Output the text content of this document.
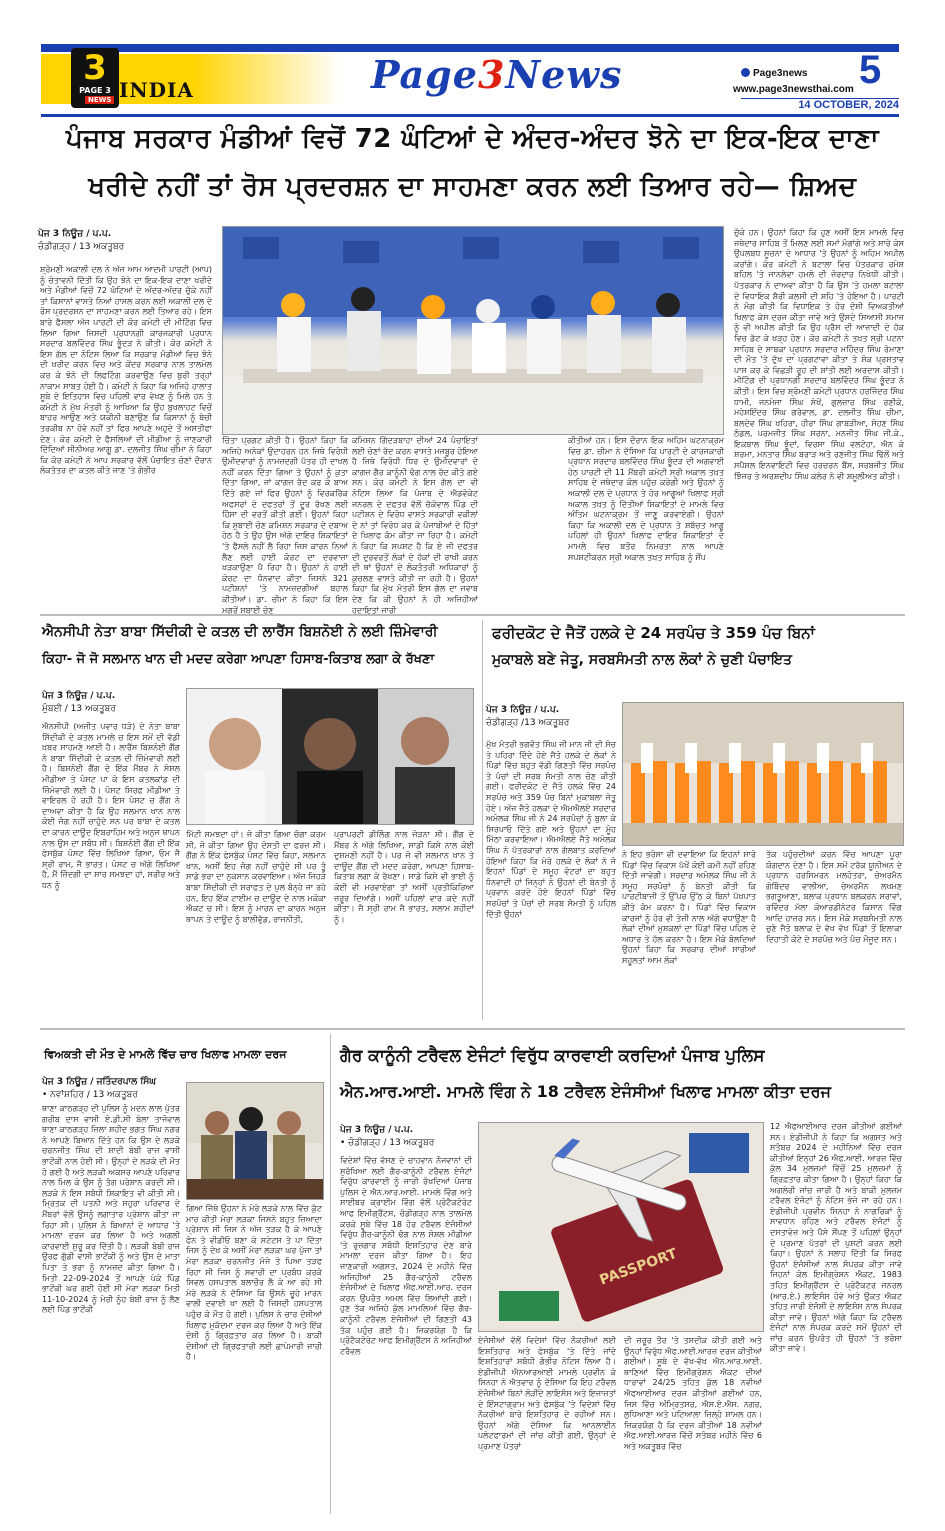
3
PAGE 3
NEWS INDIA	Page3News	Page3news
www.page3newsthai.com 5
14 OCTOBER, 2024
ਪੰਜਾਬ ਸਰਕਾਰ ਮੰਡੀਆਂ ਵਿਚੋਂ 72 ਘੰਟਿਆਂ ਦੇ ਅੰਦਰ-ਅੰਦਰ ਝੋਨੇ ਦਾ ਇਕ-ਇਕ ਦਾਣਾ
ਖਰੀਦੇ ਨਹੀਂ ਤਾਂ ਰੋਸ ਪ੍ਰਦਰਸ਼ਨ ਦਾ ਸਾਹਮਣਾ ਕਰਨ ਲਈ ਤਿਆਰ ਰਹੇ— ਸ਼ਿਅਦ
ਪੇਜ 3 ਨਿਊਜ਼ / ਪ.ਪ.
ਚੰਡੀਗੜ੍ਹ / 13 ਅਕਤੂਬਰ
ਸ਼੍ਰੋਮਣੀ ਅਕਾਲੀ ਦਲ ਨੇ ਅੱਜ ਆਮ ਆਦਮੀ ਪਾਰਟੀ (ਆਪ) ਨੂੰ ਚੇਤਾਵਨੀ ਦਿੱਤੀ ਕਿ ਉਹ ਝੋਨੇ ਦਾ ਇਕ-ਇਕ ਦਾਣਾ ਖਰੀਦੇ ਅਤੇ ਮੰਡੀਆਂ ਵਿਚੋਂ 72 ਘੰਟਿਆਂ ਦੇ ਅੰਦਰ-ਅੰਦਰ ਚੁੱਕੇ ਨਹੀਂ ਤਾਂ ਕਿਸਾਨਾਂ ਵਾਸਤੇ ਨਿਆਂ ਹਾਸਲ ਕਰਨ ਲਈ ਅਕਾਲੀ ਦਲ ਦੇ ਰੋਸ ਪ੍ਰਦਰਸ਼ਨ ਦਾ ਸਾਹਮਣਾ ਕਰਨ ਲਈ ਤਿਆਰ ਰਹੇ। ਇਸ ਬਾਰੇ ਫੈਸਲਾ ਅੱਜ ਪਾਰਟੀ ਦੀ ਕੋਰ ਕਮੇਟੀ ਦੀ ਮੀਟਿੰਗ ਵਿਚ ਲਿਆ ਗਿਆ ਜਿਸਦੀ ਪ੍ਰਧਾਨਗੀ ਕਾਰਜਕਾਰੀ ਪ੍ਰਧਾਨ ਸਰਦਾਰ ਬਲਵਿੰਦਰ ਸਿੰਘ ਭੂੰਦੜ ਨੇ ਕੀਤੀ। ਕੋਰ ਕਮੇਟੀ ਨੇ ਇਸ ਗੱਲ ਦਾ ਨੋਟਿਸ ਲਿਆ ਕਿ ਸਰਕਾਰ ਮੰਡੀਆਂ ਵਿਚ ਝੋਨੇ ਦੀ ਖਰੀਦ ਕਰਨ ਵਿਚ ਅਤੇ ਕੇਂਦਰ ਸਰਕਾਰ ਨਾਲ ਤਾਲਮੇਲ ਕਰ ਕੇ ਝੋਨੇ ਦੀ ਲਿਫਟਿੰਗ ਕਰਵਾਉਣ ਵਿਚ ਬੁਰੀ ਤਰ੍ਹਾਂ ਨਾਕਾਮ ਸਾਬਤ ਹੋਈ ਹੈ। ਕਮੇਟੀ ਨੇ ਕਿਹਾ ਕਿ ਅਜਿਹੇ ਹਾਲਾਤ ਸੂਬੇ ਦੇ ਇਤਿਹਾਸ ਵਿਚ ਪਹਿਲੀ ਵਾਰ ਵੇਖਣ ਨੂੰ ਮਿਲੇ ਹਨ ਤੇ ਕਮੇਟੀ ਨੇ ਮੁੱਖ ਮੰਤਰੀ ਨੂੰ ਆਖਿਆ ਕਿ ਉਹ ਬੁਖਲਾਹਟ ਵਿਚੋਂ ਬਾਹਰ ਆਉਣ ਅਤੇ ਯਕੀਨੀ ਬਣਾਉਣ ਕਿ ਕਿਸਾਨਾਂ ਨੂੰ ਬੇਚੀ ਤਰਕੀਬ ਨਾ ਹੋਵੇ ਨਹੀਂ ਤਾਂ ਫਿਰ ਆਪਣੇ ਅਹੁਦੇ ਤੋਂ ਅਸਤੀਫਾ ਦੇਣ। ਕੋਰ ਕਮੇਟੀ ਦੇ ਫੈਸਲਿਆਂ ਦੀ ਮੀਡੀਆ ਨੂੰ ਜਾਣਕਾਰੀ ਦਿੰਦਿਆਂ ਸੀਨੀਅਰ ਆਗੂ ਡਾ. ਦਲਜੀਤ ਸਿੰਘ ਚੀਮਾ ਨੇ ਕਿਹਾ ਕਿ ਕੋਰ ਕਮੇਟੀ ਨੇ ਆਪ ਸਰਕਾਰ ਵੱਲੋਂ ਪੰਚਾਇਤ ਚੋਣਾਂ ਦੌਰਾਨ ਲੋਕਤੰਤਰ ਦਾ ਕਤਲ ਕੀਤੇ ਜਾਣ 'ਤੇ ਗੰਭੀਰ
ਚਿੰਤਾ ਪ੍ਰਗਟ ਕੀਤੀ ਹੈ। ਉਹਨਾਂ ਕਿਹਾ ਕਿ ਅਜਿਹੇ ਅਨੇਕਾਂ ਉਦਾਹਰਨ ਹਨ ਜਿਥੇ ਵਿਰੋਧੀ ਉਮੀਦਵਾਰਾਂ ਨੂੰ ਨਾਮਜ਼ਦਗੀ ਪੱਤਰ ਹੀ ਦਾਖਲ ਨਹੀਂ ਕਰਨ ਦਿੱਤਾ ਗਿਆ ਤੇ ਉਹਨਾਂ ਨੂੰ ਕੁਤਾ ਦਿੱਤਾ ਗਿਆ, ਜਾਂ ਕਾਗਜ਼ ਰੱਦ ਕਰ ਕੇ ਬਾਅ ਦਿੱਤੇ ਗਏ ਜਾਂ ਫਿਰ ਉਹਨਾਂ ਨੂੰ ਵਿਰਕਰਿੱਕ ਅਫਸਰਾਂ ਦੇ ਦਫਤਰਾਂ ਤੋਂ ਦੂਰ ਰੱਖਣ ਲਈ ਹਿੰਸਾ ਦੀ ਵਰਤੋਂ ਕੀਤੀ ਗਈ। ਉਹਨਾਂ ਕਿਹਾ ਕਿ ਸੁਬਾਈ ਚੋਣ ਕਮਿਸ਼ਨ ਸਰਕਾਰ ਦੇ ਦਬਾਅ ਹੇਠ ਹੈ ਤੇ ਉਹ ਉਸ ਅੱਗੇ ਦਾਇਰ ਸ਼ਿਕਾਇਤਾਂ 'ਤੇ ਫੈਸਲੇ ਨਹੀਂ ਲੈ ਰਿਹਾ ਜਿਸ ਕਾਰਨ ਨਿਆਂ ਲੈਣ ਲਈ ਹਾਈ ਕੋਰਟ ਦਾ ਦਰਵਾਜ਼ਾ ਖੜਕਾਉਣਾ ਪੈ ਰਿਹਾ ਹੈ। ਉਹਨਾਂ ਨੇ ਹਾਈ ਕੋਰਟ ਦਾ ਧੰਨਵਾਦ ਕੀਤਾ ਜਿਸਨੇ 321 ਪਟੀਸ਼ਨਾਂ 'ਤੇ ਨਾਮਜ਼ਦਗੀਆਂ ਬਹਾਲ ਕੀਤੀਆਂ। ਡਾ. ਚੀਮਾ ਨੇ ਕਿਹਾ ਕਿ ਇਸ ਮਗਰੋਂ ਸੁਬਾਈ ਚੋਣ
ਕਮਿਸ਼ਨ ਗਿੱਦੜਬਾਹਾ ਦੀਆਂ 24 ਪੰਚਾਇਤਾਂ ਲਈ ਚੋਣਾਂ ਰੱਦ ਕਰਨ ਵਾਸਤੇ ਮਜਬੂਰ ਹੋਇਆ ਹੈ ਜਿਥੇ ਵਿਰੋਧੀ ਧਿਰ ਦੇ ਉਮੀਦਵਾਰਾਂ ਦੇ ਕਾਗਜ਼ ਗੈਰ ਕਾਨੂੰਨੀ ਢੰਗ ਨਾਲ ਰੱਦ ਕੀਤੇ ਗਏ ਸਨ। ਕੋਰ ਕਮੇਟੀ ਨੇ ਇਸ ਗੱਲ ਦਾ ਵੀ ਨੋਟਿਸ ਲਿਆ ਕਿ ਪੰਜਾਬ ਦੇ ਐਡਵੋਕੇਟ ਜਨਰਲ ਦੇ ਦਫਤਰ ਵੱਲੋਂ ਚੱਕੋਵਾਲ ਪਿੰਡ ਦੀ ਪਟੀਸ਼ਨ ਦੇ ਵਿਰੋਧ ਵਾਸਤੇ ਸਰਕਾਰੀ ਵਕੀਲਾਂ ਦੇ ਨਾਂ ਤਾਂ ਵਿਰੋਧ ਕਰ ਕੇ ਪੰਜਾਬੀਆਂ ਦੇ ਹਿੱਤਾਂ ਦੇ ਖਿਲਾਫ ਕੰਮ ਕੀਤਾ ਜਾ ਰਿਹਾ ਹੈ। ਕਮੇਟੀ ਨੇ ਕਿਹਾ ਕਿ ਸਪਸ਼ਟ ਹੈ ਕਿ ਏ ਜੀ ਦਫਤਰ ਦੀ ਦੁਰਵਰਤੋਂ ਲੋਕਾਂ ਦੇ ਹੱਕਾਂ ਦੀ ਰਾਖੀ ਕਰਨ ਦੀ ਥਾਂ ਉਹਨਾਂ ਦੇ ਲੋਕਤੰਤਰੀ ਅਧਿਕਾਰਾਂ ਨੂੰ ਕੁਚਲਣ ਵਾਸਤੇ ਕੀਤੀ ਜਾ ਰਹੀ ਹੈ। ਉਹਨਾਂ ਕਿਹਾ ਕਿ ਮੁੱਖ ਮੰਤਰੀ ਇਸ ਗੱਲ ਦਾ ਜਵਾਬ ਦੇਣ ਕਿ ਕੀ ਉਹਨਾਂ ਨੇ ਹੀ ਅਜਿਹੀਆਂ ਹਦਾਇਤਾਂ ਜਾਰੀ
ਕੀਤੀਆਂ ਹਨ। ਇਸ ਦੌਰਾਨ ਇਕ ਅਹਿਮ ਘਟਨਾਕ੍ਰਮ ਵਿਚ ਡਾ. ਚੀਮਾ ਨੇ ਦੱਸਿਆ ਕਿ ਪਾਰਟੀ ਦੇ ਕਾਰਜਕਾਰੀ ਪ੍ਰਧਾਨ ਸਰਦਾਰ ਬਲਵਿੰਦਰ ਸਿੰਘ ਭੂੰਦੜ ਦੀ ਅਗਵਾਈ ਹੇਠ ਪਾਰਟੀ ਦੀ 11 ਮੈਂਬਰੀ ਕਮੇਟੀ ਸ੍ਰੀ ਅਕਾਲ ਤਖ਼ਤ ਸਾਹਿਬ ਦੇ ਜਥੇਦਾਰ ਕੋਲ ਪਹੁੰਚ ਕਰੇਗੀ ਅਤੇ ਉਹਨਾਂ ਨੂੰ ਅਕਾਲੀ ਦਲ ਦੇ ਪ੍ਰਧਾਨ ਤੇ ਹੋਰ ਆਗੂਆਂ ਖਿਲਾਫ ਸ੍ਰੀ ਅਕਾਲ ਤਖ਼ਤ ਨੂੰ ਦਿੱਤੀਆਂ ਸ਼ਿਕਾਇਤਾਂ ਦੇ ਮਾਮਲੇ ਵਿਚ ਅੰਤਿਮ ਘਟਨਾਕ੍ਰਮ ਤੋਂ ਜਾਣੂ ਕਰਵਾਏਗੀ। ਉਹਨਾਂ ਕਿਹਾ ਕਿ ਅਕਾਲੀ ਦਲ ਦੇ ਪ੍ਰਧਾਨ ਤੇ ਸ਼ਬੱਚਤ ਆਗੂ ਪਹਿਲਾਂ ਹੀ ਉਹਨਾਂ ਖਿਲਾਫ ਦਾਇਰ ਸ਼ਿਕਾਇਤਾਂ ਦੇ ਮਾਮਲੇ ਵਿਚ ਬਤੌਰ ਨਿਮਰਤਾ ਨਾਲ ਆਪਣੇ ਸਪਸ਼ਟੀਕਰਨ ਸ੍ਰੀ ਅਕਾਲ ਤਖ਼ਤ ਸਾਹਿਬ ਨੂੰ ਸੌਂਪ
ਚੁੱਕੇ ਹਨ। ਉਹਨਾਂ ਕਿਹਾ ਕਿ ਹੁਣ ਅਸੀਂ ਇਸ ਮਾਮਲੇ ਵਿਚ ਜਥੇਦਾਰ ਸਾਹਿਬ ਤੋਂ ਮਿਲਣ ਲਈ ਸਮਾਂ ਮੰਗਾਂਗੇ ਅਤੇ ਸਾਰੇ ਕੇਸ ਉਪਲਬਧ ਸੂਚਨਾ ਦੇ ਆਧਾਰ 'ਤੇ ਉਹਨਾਂ ਨੂੰ ਅਹਿਮ ਅਪੀਲ ਕਰਾਂਗੇ। ਕੋਰ ਕਮੇਟੀ ਨੇ ਬਟਾਲਾ ਵਿਚ ਪੱਤਰਕਾਰ ਰਮੇਸ਼ ਬਹਿਲ 'ਤੇ ਜਾਨਲੇਵਾ ਹਮਲੇ ਦੀ ਜ਼ੋਰਦਾਰ ਨਿਖੇਧੀ ਕੀਤੀ। ਪੱਤਰਕਾਰ ਨੇ ਦਾਅਵਾ ਕੀਤਾ ਹੈ ਕਿ ਉਸ 'ਤੇ ਹਮਲਾ ਬਟਾਲਾ ਦੇ ਵਿਧਾਇਕ ਸ਼ੈਰੀ ਕਲਸੀ ਦੀ ਸ਼ਹਿ 'ਤੇ ਹੋਇਆ ਹੈ। ਪਾਰਟੀ ਨੇ ਮੰਗ ਕੀਤੀ ਕਿ ਵਿਧਾਇਕ ਤੇ ਹੋਰ ਦੋਸ਼ੀ ਵਿਅਕਤੀਆਂ ਖਿਲਾਫ ਕੇਸ ਦਰਜ ਕੀਤਾ ਜਾਵੇ ਅਤੇ ਉਸਦੇ ਸਿਆਸੀ ਸਮਾਜ ਨੂੰ ਵੀ ਅਪੀਲ ਕੀਤੀ ਕਿ ਉਹ ਪ੍ਰੈਸ ਦੀ ਆਜ਼ਾਦੀ ਦੇ ਹੱਕ ਵਿਚ ਡੱਟ ਕੇ ਖੜ੍ਹ ਹੋਣ। ਕੋਰ ਕਮੇਟੀ ਨੇ ਤਖ਼ਤ ਸ੍ਰੀ ਪਟਨਾ ਸਾਹਿਬ ਦੇ ਸਾਬਕਾ ਪ੍ਰਧਾਨ ਸਰਦਾਰ ਮਹਿੰਦਰ ਸਿੰਘ ਰੋਮਾਣਾ ਦੀ ਮੌਤ 'ਤੇ ਦੁੱਖ ਦਾ ਪ੍ਰਗਟਾਵਾ ਕੀਤਾ ਤੇ ਸ਼ੋਕ ਪ੍ਰਸਤਾਵ ਪਾਸ ਕਰ ਕੇ ਵਿਛੜੀ ਰੂਹ ਦੀ ਸ਼ਾਂਤੀ ਲਈ ਅਰਦਾਸ ਕੀਤੀ। ਮੀਟਿੰਗ ਦੀ ਪ੍ਰਧਾਨਗੀ ਸਰਦਾਰ ਬਲਵਿੰਦਰ ਸਿੰਘ ਭੂੰਦੜ ਨੇ ਕੀਤੀ। ਇਸ ਵਿਚ ਸ਼੍ਰੋਮਣੀ ਕਮੇਟੀ ਪ੍ਰਧਾਨ ਹਰਜਿੰਦਰ ਸਿੰਘ ਧਾਮੀ, ਜਨਮੇਜਾ ਸਿੰਘ ਸੇਖੋਂ, ਗੁਲਜ਼ਾਰ ਸਿੰਘ ਰਣੀਕੇ, ਮਹੇਸ਼ਇੰਦਰ ਸਿੰਘ ਗਰੇਵਾਲ, ਡਾ. ਦਲਜੀਤ ਸਿੰਘ ਚੀਮਾ, ਬਲਦੇਵ ਸਿੰਘ ਖਹਿਰਾ, ਹੀਰਾ ਸਿੰਘ ਗਾਬੜੀਆ, ਸੋਹਣ ਸਿੰਘ ਠੰਡਲ, ਪਰਮਜੀਤ ਸਿੰਘ ਸਰਨਾ, ਮਨਜੀਤ ਸਿੰਘ ਜੀ.ਕੇ., ਇਕਬਾਲ ਸਿੰਘ ਝੂੰਦਾਂ, ਵਿਰਸਾ ਸਿੰਘ ਵਲਟੋਹਾ, ਐਨ ਕੇ ਸ਼ਰਮਾ, ਮਨਤਾਰ ਸਿੰਘ ਬਰਾੜ ਅਤੇ ਰਣਜੀਤ ਸਿੰਘ ਢਿੱਲੋਂ ਅਤੇ ਸਪੈਸ਼ਲ ਇਨਵਾਇਟੀ ਵਿਚ ਹਰਚਰਨ ਬੈਂਸ, ਸਰਬਜੀਤ ਸਿੰਘ ਝਿੰਜਰ ਤੇ ਅਰਸ਼ਦੀਪ ਸਿੰਘ ਕਲੇਰ ਨੇ ਵੀ ਸ਼ਮੂਲੀਅਤ ਕੀਤੀ।
ਐਨਸੀਪੀ ਨੇਤਾ ਬਾਬਾ ਸਿੱਦੀਕੀ ਦੇ ਕਤਲ ਦੀ ਲਾਰੈਂਸ ਬਿਸ਼ਨੋਈ ਨੇ ਲਈ ਜ਼ਿੰਮੇਵਾਰੀ
ਕਿਹਾ- ਜੋ ਜੋ ਸਲਮਾਨ ਖਾਨ ਦੀ ਮਦਦ ਕਰੇਗਾ ਆਪਣਾ ਹਿਸਾਬ-ਕਿਤਾਬ ਲਗਾ ਕੇ ਰੱਖਣਾ
ਪੇਜ 3 ਨਿਊਜ਼ / ਪ.ਪ.
ਮੁੰਬਈ / 13 ਅਕਤੂਬਰ
ਐਨਸੀਪੀ (ਅਜੀਤ ਪਵਾਰ ਧੜੇ) ਦੇ ਨੇਤਾ ਬਾਬਾ ਸਿੱਦੀਕੀ ਦੇ ਕਤਲ ਮਾਮਲੇ ਚ ਇਸ ਸਮੇਂ ਦੀ ਵੱਡੀ ਖ਼ਬਰ ਸਾਹਮਣੇ ਆਈ ਹੈ। ਲਾਰੈਂਸ ਬਿਸ਼ਨੋਈ ਗੈਂਗ ਨੇ ਬਾਬਾ ਸਿੱਦੀਕੀ ਦੇ ਕਤਲ ਦੀ ਜ਼ਿੰਮੇਵਾਰੀ ਲਈ ਹੈ। ਬਿਸ਼ਨੋਈ ਗੈਂਗ ਦੇ ਇੱਕ ਮੈਂਬਰ ਨੇ ਸੋਸ਼ਲ ਮੀਡੀਆ ਤੇ ਪੋਸਟ ਪਾ ਕੇ ਇਸ ਕਤਲਕਾਂਡ ਦੀ ਜ਼ਿੰਮੇਵਾਰੀ ਲਈ ਹੈ। ਪੋਸਟ ਸਿਰਫ ਮੀਡੀਆ ਤੇ ਵਾਇਰਲ ਹੋ ਰਹੀ ਹੈ। ਇਸ ਪੋਸਟ ਚ ਗੈਂਗ ਨੇ ਦਾਅਵਾ ਕੀਤਾ ਹੈ ਕਿ ਉਹ ਸਲਮਾਨ ਖਾਨ ਨਾਲ ਕੋਈ ਜੰਗ ਨਹੀਂ ਚਾਹੁੰਦੇ ਸਨ ਪਰ ਬਾਬਾ ਦੇ ਕਤਲ ਦਾ ਕਾਰਨ ਦਾਊਦ ਇਬਰਾਹਿਮ ਅਤੇ ਅਨੁਜ ਥਾਪਨ ਨਾਲ ਉਸ ਦਾ ਸਬੰਧ ਸੀ। ਬਿਸ਼ਨੋਈ ਗੈਂਗ ਦੀ ਇੱਕ ਫੇਸਬੁੱਕ ਪੋਸਟ ਵਿੱਚ ਲਿਖਿਆ ਗਿਆ, ਓਮ ਜੈ ਸ੍ਰੀ ਰਾਮ, ਜੈ ਭਾਰਤ। ਪੋਸਟ ਚ ਅੱਗੇ ਲਿਖਿਆ ਹੈ, ਮੈਂ ਜ਼ਿੰਦਗੀ ਦਾ ਸਾਰ ਸਮਝਦਾ ਹਾਂ, ਸਰੀਰ ਅਤੇ ਧਨ ਨੂੰ
ਮਿੱਟੀ ਸਮਝਦਾ ਹਾਂ। ਜੋ ਕੀਤਾ ਗਿਆ ਚੰਗਾ ਕਰਮ ਸੀ, ਜੋ ਕੀਤਾ ਗਿਆ ਉਹ ਦੋਸਤੀ ਦਾ ਫਰਜ਼ ਸੀ। ਗੈਂਗ ਨੇ ਇੱਕ ਫੇਸਬੁੱਕ ਪੋਸਟ ਵਿੱਚ ਕਿਹਾ, ਸਲਮਾਨ ਖਾਨ, ਅਸੀਂ ਇਹ ਜੰਗ ਨਹੀਂ ਚਾਹੁੰਦੇ ਸੀ ਪਰ ਤੂੰ ਸਾਡੇ ਭਰਾ ਦਾ ਨੁਕਸਾਨ ਕਰਵਾਇਆ। ਅੱਜ ਜਿਹੜੇ ਬਾਬਾ ਸਿੱਦੀਕੀ ਦੀ ਸ਼ਰਾਫਤ ਦੇ ਪੁਲ ਬੰਨ੍ਹੇ ਜਾ ਰਹੇ ਹਨ, ਇਹ ਇੱਕ ਟਾਈਮ ਚ ਦਾਊਦ ਦੇ ਨਾਲ ਮਕੋਕਾ ਐਕਟ ਚ ਸੀ। ਇਸ ਨੂੰ ਮਾਰਨ ਦਾ ਕਾਰਨ ਅਨੁਜ ਥਾਪਨ ਤੇ ਦਾਊਦ ਨੂੰ ਬਾਲੀਵੁੱਡ, ਰਾਜਨੀਤੀ,
ਪ੍ਰਾਪਰਟੀ ਡੀਲਿੰਗ ਨਾਲ ਜੋੜਨਾ ਸੀ। ਗੈਂਗ ਦੇ ਮੈਂਬਰ ਨੇ ਅੱਗੇ ਲਿਖਿਆ, ਸਾਡੀ ਕਿਸੇ ਨਾਲ ਕੋਈ ਦੁਸ਼ਮਣੀ ਨਹੀਂ ਹੈ। ਪਰ ਜੋ ਵੀ ਸਲਮਾਨ ਖਾਨ ਤੇ ਦਾਊਦ ਗੈਂਗ ਦੀ ਮਦਦ ਕਰੇਗਾ, ਆਪਣਾ ਹਿਸਾਬ-ਕਿਤਾਬ ਲਗਾ ਕੇ ਰੱਖਣਾ। ਸਾਡੇ ਕਿਸੇ ਵੀ ਭਾਈ ਨੂੰ ਕੋਈ ਵੀ ਮਰਵਾਏਗਾ ਤਾਂ ਅਸੀਂ ਪ੍ਰਤੀਕਿਰਿਆ ਜ਼ਰੂਰ ਦਿਆਂਗੇ। ਅਸੀਂ ਪਹਿਲਾਂ ਵਾਰ ਕਦੇ ਨਹੀਂ ਕੀਤਾ। ਜੈ ਸ੍ਰੀ ਰਾਮ ਜੈ ਭਾਰਤ, ਸਲਾਮ ਸ਼ਹੀਦਾਂ ਨੂੰ।
ਫਰੀਦਕੋਟ ਦੇ ਜੈਤੋਂ ਹਲਕੇ ਦੇ 24 ਸਰਪੰਚ ਤੇ 359 ਪੰਚ ਬਿਨਾਂ
ਮੁਕਾਬਲੇ ਬਣੇ ਜੇਤੂ, ਸਰਬਸੰਮਤੀ ਨਾਲ ਲੋਕਾਂ ਨੇ ਚੁਣੀ ਪੰਚਾਇਤ
ਪੇਜ 3 ਨਿਊਜ਼ / ਪ.ਪ.
ਚੰਡੀਗੜ੍ਹ /13 ਅਕਤੂਬਰ
ਮੁੱਖ ਮੰਤਰੀ ਭਗਵੰਤ ਸਿੰਘ ਜੀ ਮਾਨ ਜੀ ਦੀ ਸੋਚ ਤੇ ਪਹਿਰਾ ਦਿੰਦੇ ਹੋਏ ਜੈਤੋ ਹਲਕੇ ਦੇ ਲੋਕਾਂ ਨੇ ਪਿੰਡਾਂ ਵਿੱਚ ਬਹੁਤ ਵੱਡੀ ਗਿਣਤੀ ਵਿੱਚ ਸਰਪੰਚ ਤੇ ਪੰਚਾਂ ਦੀ ਸਰਬ ਸੰਮਤੀ ਨਾਲ ਚੋਣ ਕੀਤੀ ਗਈ। ਫਰੀਦਕੋਟ ਦੇ ਜੈਤੋ ਹਲਕੇ ਵਿੱਚ 24 ਸਰਪੰਚ ਅਤੇ 359 ਪੰਚ ਬਿਨਾਂ ਮੁਕਾਬਲਾ ਜੇਤੂ ਹੋਏ। ਅੱਜ ਜੈਤੋ ਹਲਕਾ ਦੇ ਐਮਐਲਏ ਸਰਦਾਰ ਅਮੋਲਕ ਸਿੰਘ ਜੀ ਨੇ 24 ਸਰਪੰਚਾਂ ਨੂੰ ਬੁਲਾ ਕੇ ਸਿਰਪਾਓ ਦਿੱਤੇ ਗਏ ਅਤੇ ਉਹਨਾਂ ਦਾ ਮੂੰਹ ਮਿੱਠਾ ਕਰਵਾਇਆ। ਐਮਐਲਏ ਜੈਤੋ ਅਮੋਲਕ ਸਿੰਘ ਨੇ ਪੱਤਰਕਾਰਾਂ ਨਾਲ ਗੱਲਬਾਤ ਕਰਦਿਆਂ ਹੋਇਆਂ ਕਿਹਾ ਕਿ ਮੇਰੇ ਹਲਕੇ ਦੇ ਲੋਕਾਂ ਨੇ ਜੋ ਇਹਨਾਂ ਪਿੰਡਾਂ ਦੇ ਸਮੂਹ ਵੋਟਰਾਂ ਦਾ ਬਹੁਤ ਧੰਨਵਾਦੀ ਹਾਂ ਜਿਨ੍ਹਾਂ ਨੇ ਉਹਨਾਂ ਦੀ ਬੇਨਤੀ ਨੂੰ ਪ੍ਰਵਾਨ ਕਰਦੇ ਹੋਏ ਇਹਨਾਂ ਪਿੰਡਾਂ ਵਿੱਚ ਸਰਪੰਚਾਂ ਤੇ ਪੰਚਾਂ ਦੀ ਸਰਬ ਸੰਮਤੀ ਨੂੰ ਪਹਿਲ ਦਿੱਤੀ ਉਹਨਾਂ
ਨੇ ਇਹ ਭਰੋਸਾ ਵੀ ਦਵਾਇਆ ਕਿ ਇਹਨਾਂ ਸਾਰੇ ਪਿੰਡਾਂ ਵਿੱਚ ਵਿਕਾਸ ਪੱਖੋਂ ਕੋਈ ਕਮੀ ਨਹੀਂ ਰਹਿਣ ਦਿੱਤੀ ਜਾਵੇਗੀ। ਸਰਦਾਰ ਅਮੋਲਕ ਸਿੰਘ ਜੀ ਨੇ ਸਮੂਹ ਸਰਪੰਚਾਂ ਨੂੰ ਬੇਨਤੀ ਕੀਤੀ ਕਿ ਪਾਰਟੀਬਾਜ਼ੀ ਤੋਂ ਉੱਪਰ ਉੱਠ ਕੇ ਬਿਨਾਂ ਪੱਖਪਾਤ ਕੀਤੇ ਕੰਮ ਕਰਨਾ ਹੈ। ਪਿੰਡਾਂ ਵਿੱਚ ਵਿਕਾਸ ਕਾਰਜਾਂ ਨੂੰ ਹੋਰ ਵੀ ਤੇਜ਼ੀ ਨਾਲ ਅੱਗੇ ਵਧਾਉਣਾ ਹੈ ਲੋਕਾਂ ਦੀਆਂ ਮੁਸ਼ਕਲਾਂ ਦਾ ਪਿੰਡਾਂ ਵਿੱਚ ਪਹਿਲ ਦੇ ਅਧਾਰ ਤੇ ਹੱਲ ਕਰਨਾ ਹੈ। ਇਸ ਮੌਕੇ ਬੋਲਦਿਆਂ ਉਹਨਾਂ ਕਿਹਾ ਕਿ ਸਰਕਾਰ ਦੀਆਂ ਸਾਰੀਆਂ ਸਹੂਲਤਾਂ ਆਮ ਲੋਕਾਂ
ਤੱਕ ਪਹੁੰਚਦੀਆਂ ਕਰਨ ਵਿੱਚ ਆਪਣਾ ਪੂਰਾ ਯੋਗਦਾਨ ਦੇਣਾ ਹੈ। ਇਸ ਸਮੇਂ ਟਰੱਕ ਯੂਨੀਅਨ ਦੇ ਪ੍ਰਧਾਨ ਹਰਸਿਮਰਨ ਮਲਹੋਤਰਾ, ਚੇਅਰਮੈਨ ਗੋਬਿੰਦਰ ਵਾਲੀਆ, ਚੇਅਰਮੈਨ ਲਖਮਣ ਭਗਤੂਆਣਾ, ਬਲਾਕ ਪ੍ਰਧਾਨ ਬਲਕਰਨ ਸਰਾਵਾਂ, ਰਵਿੰਦਰ ਮੱਲਾ ਕੋਆਰਡੀਨੇਟਰ ਕਿਸਾਨ ਵਿੰਗ ਆਦਿ ਹਾਜ਼ਰ ਸਨ। ਇਸ ਮੌਕੇ ਸਰਬਸੰਮਤੀ ਨਾਲ ਚੁਣੇ ਜੈਤੋ ਬਲਾਕ ਦੇ ਵੱਖ ਵੱਖ ਪਿੰਡਾਂ ਤੋਂ ਇਲਾਕਾ ਦਿਹਾਤੀ ਕੋਟੇ ਦੇ ਸਰਪੰਚ ਅਤੇ ਪੰਚ ਮੌਜੂਦ ਸਨ।
ਵਿਅਕਤੀ ਦੀ ਮੌਤ ਦੇ ਮਾਮਲੇ ਵਿੱਚ ਚਾਰ ਖਿਲਾਫ ਮਾਮਲਾ ਦਰਜ
ਪੇਜ 3 ਨਿਊਜ਼ / ਜਤਿੰਦਰਪਾਲ ਸਿੰਘ
• ਨਵਾਂਸ਼ਹਿਰ / 13 ਅਕਤੂਬਰ
ਥਾਣਾ ਕਾਠਗੜ੍ਹ ਦੀ ਪੁਲਿਸ ਨੂੰ ਮਦਨ ਲਾਲ ਪੁੱਤਰ ਗਰੀਬ ਦਾਸ ਵਾਸੀ ਏ.ਡੀ.ਸੀ ਬੇਲਾ ਤਾਜੋਵਾਲ ਥਾਣਾ ਕਾਠਗੜ੍ਹ ਜ਼ਿਲਾ ਸ਼ਹੀਦ ਭਗਤ ਸਿੰਘ ਨਗਰ ਨੇ ਆਪਣੇ ਬਿਆਨ ਦਿੱਤੇ ਹਨ ਕਿ ਉਸ ਦੇ ਲੜਕੇ ਚਰਨਜੀਤ ਸਿੰਘ ਦੀ ਸ਼ਾਦੀ ਬੇਬੀ ਰਾਜ ਵਾਸੀ ਭਾਟੋਂਕੀ ਨਾਲ ਹੋਈ ਸੀ। ਉਨ੍ਹਾਂ ਦੇ ਲੜਕੇ ਦੀ ਮੌਤ ਹੋ ਗਈ ਹੈ ਅਤੇ ਲੜਕੀ ਅਕਸਰ ਆਪਣੇ ਪਰਿਵਾਰ ਨਾਲ ਮਿਲ ਕੇ ਉਸ ਨੂੰ ਤੰਗ ਪਰੇਸ਼ਾਨ ਕਰਦੀ ਸੀ। ਲੜਕੇ ਨੇ ਇਸ ਸਬੰਧੀ ਸ਼ਿਕਾਇਤ ਵੀ ਕੀਤੀ ਸੀ। ਮ੍ਰਿਤਕ ਦੀ ਪਤਨੀ ਅਤੇ ਸਹੁਰਾ ਪਰਿਵਾਰ ਦੇ ਮੈਂਬਰਾਂ ਵੱਲੋਂ ਉਸਨੂੰ ਲਗਾਤਾਰ ਪ੍ਰੇਸ਼ਾਨ ਕੀਤਾ ਜਾ ਰਿਹਾ ਸੀ। ਪੁਲਿਸ ਨੇ ਬਿਆਨਾਂ ਦੇ ਆਧਾਰ 'ਤੇ ਮਾਮਲਾ ਦਰਜ ਕਰ ਲਿਆ ਹੈ ਅਤੇ ਅਗਲੀ ਕਾਰਵਾਈ ਸ਼ੁਰੂ ਕਰ ਦਿੱਤੀ ਹੈ। ਲੜਕੀ ਬੇਬੀ ਰਾਜ ਉਰਫ ਗੁੱਡੀ ਵਾਸੀ ਭਾਟੋਂਕੀ ਨੂੰ ਅਤੇ ਉਸ ਦੇ ਮਾਤਾ ਪਿਤਾ ਤੇ ਭਰਾ ਨੂੰ ਨਾਮਜ਼ਦ ਕੀਤਾ ਗਿਆ ਹੈ। ਮਿਤੀ 22-09-2024 ਤੋਂ ਆਪਣੇ ਪੇਕੇ ਪਿੰਡ ਭਾਟੋਂਕੀ ਘਰ ਗਈ ਹੋਈ ਸੀ ਮੇਰਾ ਲੜਕਾ ਮਿਤੀ 11-10-2024 ਨੂੰ ਮੇਰੀ ਨੂੰਹ ਬੇਬੀ ਰਾਜ ਨੂੰ ਲੈਣ ਲਈ ਪਿੰਡ ਭਾਟੋਂਕੀ
ਗਿਆ ਜਿੱਥੇ ਉਹਨਾ ਨੇ ਮੇਰੇ ਲੜਕੇ ਨਾਲ ਵਿੱਚ ਕੁੱਟ ਮਾਰ ਕੀਤੀ ਮੇਰਾ ਲੜਕਾ ਜਿਸਨੇ ਬਹੁਤ ਜ਼ਿਆਦਾ ਪ੍ਰੇਸ਼ਾਨ ਸੀ ਜਿਸ ਨੇ ਅੱਜ ਤੜਕ ਹੈ ਕੇ ਆਪਣੇ ਫੋਨ ਤੇ ਵੀਡੀਓ ਬਣਾ ਕੇ ਸਟੇਟਸ ਤੇ ਪਾ ਦਿੱਤਾ ਜਿਸ ਨੂੰ ਦੇਖ ਕੇ ਅਸੀਂ ਮੇਰਾ ਲੜਕਾ ਘਰ ਪੁੱਜਾ ਤਾਂ ਮੇਰਾ ਲੜਕਾ ਚਰਨਜੀਤ ਮੰਜੇ ਤੇ ਪਿਆ ਤੜਫ ਰਿਹਾ ਸੀ ਜਿਸ ਨੂੰ ਸਵਾਰੀ ਦਾ ਪ੍ਰਬੰਧ ਕਰਕੇ ਸਿਵਲ ਹਸਪਤਾਲ ਬਲਾਚੌਰ ਲੈ ਕੇ ਆ ਰਹੇ ਸੀ ਮੇਰੇ ਲੜਕੇ ਨੇ ਦੱਸਿਆ ਕਿ ਉਸਨੇ ਚੂਹੇ ਮਾਰਨ ਵਾਲੀ ਦਵਾਈ ਖਾ ਲਈ ਹੈ ਜਿਸਦੀ ਹਸਪਤਾਲ ਪਹੁੰਚ ਕੇ ਮੌਤ ਹੋ ਗਈ। ਪੁਲਿਸ ਨੇ ਚਾਰ ਦੋਸ਼ੀਆਂ ਖਿਲਾਫ ਮੁਕੱਦਮਾ ਦਰਜ ਕਰ ਲਿਆ ਹੈ ਅਤੇ ਇੱਕ ਦੋਸ਼ੀ ਨੂੰ ਗ੍ਰਿਫ਼ਤਾਰ ਕਰ ਲਿਆ ਹੈ। ਬਾਕੀ ਦੋਸ਼ੀਆਂ ਦੀ ਗ੍ਰਿਫਤਾਰੀ ਲਈ ਛਾਪੇਮਾਰੀ ਜਾਰੀ ਹੈ।
ਗੈਰ ਕਾਨੂੰਨੀ ਟਰੈਵਲ ਏਜੰਟਾਂ ਵਿਰੁੱਧ ਕਾਰਵਾਈ ਕਰਦਿਆਂ ਪੰਜਾਬ ਪੁਲਿਸ
ਐਨ.ਆਰ.ਆਈ. ਮਾਮਲੇ ਵਿੰਗ ਨੇ 18 ਟਰੈਵਲ ਏਜੰਸੀਆਂ ਖਿਲਾਫ ਮਾਮਲਾ ਕੀਤਾ ਦਰਜ
ਪੇਜ 3 ਨਿਊਜ਼ / ਪ.ਪ.
• ਚੰਡੀਗੜ੍ਹ / 13 ਅਕਤੂਬਰ
PASSPORT
ਵਿਦੇਸ਼ਾਂ ਵਿੱਚ ਵੱਸਣ ਦੇ ਚਾਹਵਾਨ ਨੌਜਵਾਨਾਂ ਦੀ ਸੁਰੱਖਿਆ ਲਈ ਗੈਰ-ਕਾਨੂੰਨੀ ਟਰੈਵਲ ਏਜੰਟਾਂ ਵਿਰੁੱਧ ਕਾਰਵਾਈ ਨੂੰ ਜਾਰੀ ਰੱਖਦਿਆਂ ਪੰਜਾਬ ਪੁਲਿਸ ਦੇ ਐਨ.ਆਰ.ਆਈ. ਮਾਮਲੇ ਵਿੰਗ ਅਤੇ ਸਾਈਬਰ ਕ੍ਰਾਈਮ ਵਿੰਗ ਵੱਲੋਂ ਪ੍ਰੋਟੈਕਟੋਰੇਟ ਆਫ ਇਮੀਗ੍ਰੈਂਟਸ, ਚੰਡੀਗੜ੍ਹ ਨਾਲ ਤਾਲਮੇਲ ਕਰਕੇ ਸੂਬੇ ਵਿੱਚ 18 ਹੋਰ ਟਰੈਵਲ ਏਜੰਸੀਆਂ ਵਿਰੁੱਧ ਗੈਰ-ਕਾਨੂੰਨੀ ਢੰਗ ਨਾਲ ਸੋਸ਼ਲ ਮੀਡੀਆ 'ਤੇ ਰੁਜ਼ਗਾਰ ਸਬੰਧੀ ਇਸ਼ਤਿਹਾਰ ਦੇਣ ਬਾਰੇ ਮਾਮਲਾ ਦਰਜ ਕੀਤਾ ਗਿਆ ਹੈ। ਇਹ ਜਾਣਕਾਰੀ ਅਗਸਤ, 2024 ਦੇ ਮਹੀਨੇ ਵਿੱਚ ਅਜਿਹੀਆਂ 25 ਗੈਰ-ਕਾਨੂੰਨੀ ਟਰੈਵਲ ਏਜੰਸੀਆਂ ਦੇ ਖਿਲਾਫ ਐਫ.ਆਈ.ਆਰ. ਦਰਜ ਕਰਨ ਉਪਰੰਤ ਅਮਲ ਵਿੱਚ ਲਿਆਂਦੀ ਗਈ। ਹੁਣ ਤੱਕ ਅਜਿਹੇ ਕੁੱਲ ਮਾਮਲਿਆਂ ਵਿੱਚ ਗੈਰ-ਕਾਨੂੰਨੀ ਟਰੈਵਲ ਏਜੰਸੀਆਂ ਦੀ ਗਿਣਤੀ 43 ਤੱਕ ਪਹੁੰਚ ਗਈ ਹੈ। ਜ਼ਿਕਰਯੋਗ ਹੈ ਕਿ ਪ੍ਰੋਟੈਕਟੋਰੇਟ ਆਫ ਇਮੀਗ੍ਰੈਂਟਸ ਨੇ ਅਜਿਹੀਆਂ ਟਰੈਵਲ
ਏਜੰਸੀਆਂ ਵੱਲੋਂ ਵਿਦੇਸ਼ਾਂ ਵਿੱਚ ਨੌਕਰੀਆਂ ਲਈ ਇਸ਼ਤਿਹਾਰ ਅਤੇ ਫੇਸਬੁੱਕ 'ਤੇ ਦਿੱਤੇ ਜਾਂਦੇ ਇਸ਼ਤਿਹਾਰਾਂ ਸਬੰਧੀ ਗੰਭੀਰ ਨੋਟਿਸ ਲਿਆ ਹੈ। ਏਡੀਜੀਪੀ ਐਨਆਰਆਈ ਮਾਮਲੇ ਪ੍ਰਵੀਨ ਕੇ ਸਿਨਹਾ ਨੇ ਐਤਵਾਰ ਨੂੰ ਦੱਸਿਆ ਕਿ ਇਹ ਟਰੈਵਲ ਏਜੰਸੀਆਂ ਬਿਨਾਂ ਲੋੜੀਂਦੇ ਲਾਇਸੰਸ ਅਤੇ ਇਜਾਜ਼ਤਾਂ ਦੇ ਇੰਸਟਾਗ੍ਰਾਮ ਅਤੇ ਫੇਸਬੁੱਕ 'ਤੇ ਵਿਦੇਸ਼ਾਂ ਵਿੱਚ ਨੌਕਰੀਆਂ ਬਾਰੇ ਇਸ਼ਤਿਹਾਰ ਦੇ ਰਹੀਆਂ ਸਨ। ਉਹਨਾਂ ਅੱਗੇ ਦੱਸਿਆ ਕਿ ਆਨਲਾਈਨ ਪਲੇਟਫਾਰਮਾਂ ਦੀ ਜਾਂਚ ਕੀਤੀ ਗਈ, ਉਨ੍ਹਾਂ ਦੇ ਪ੍ਰਮਾਣ ਪੱਤਰਾਂ
ਦੀ ਜ਼ਰੂਰ ਤੌਰ 'ਤੇ ਤਸਦੀਕ ਕੀਤੀ ਗਈ ਅਤੇ ਉਨ੍ਹਾਂ ਵਿਰੁੱਧ ਐਫ.ਆਈ.ਆਰਜ਼ ਦਰਜ ਕੀਤੀਆਂ ਗਈਆਂ। ਸੂਬੇ ਦੇ ਵੱਖ-ਵੱਖ ਐਨ.ਆਰ.ਆਈ. ਥਾਣਿਆਂ ਵਿੱਚ ਇਮੀਗ੍ਰੇਸ਼ਨ ਐਕਟ ਦੀਆਂ ਧਾਰਾਵਾਂ 24/25 ਤਹਿਤ ਕੁੱਲ 18 ਨਵੀਆਂ ਐਫਆਈਆਰ ਦਰਜ ਕੀਤੀਆਂ ਗਈਆਂ ਹਨ, ਜਿਸ ਵਿੱਚ ਅੰਮ੍ਰਿਤਸਰ, ਐਸ.ਏ.ਐਸ. ਨਗਰ, ਲੁਧਿਆਣਾ ਅਤੇ ਪਟਿਆਲਾ ਜ਼ਿਲ੍ਹੇ ਸ਼ਾਮਲ ਹਨ। ਜ਼ਿਕਰਯੋਗ ਹੈ ਕਿ ਦਰਜ ਕੀਤੀਆਂ 18 ਨਵੀਆਂ ਐਫ.ਆਈ.ਆਰਜ਼ ਵਿੱਚੋਂ ਸਤੰਬਰ ਮਹੀਨੇ ਵਿੱਚ 6 ਅਤੇ ਅਕਤੂਬਰ ਵਿੱਚ
12 ਐਫਆਈਆਰ ਦਰਜ ਕੀਤੀਆਂ ਗਈਆਂ ਸਨ। ਏਡੀਜੀਪੀ ਨੇ ਕਿਹਾ ਕਿ ਅਗਸਤ ਅਤੇ ਸਤੰਬਰ 2024 ਦੇ ਮਹੀਨਿਆਂ ਵਿੱਚ ਦਰਜ ਕੀਤੀਆਂ ਇਨ੍ਹਾਂ 26 ਐਫ.ਆਈ. ਆਰਜ਼ ਵਿੱਚ ਕੁੱਲ 34 ਮੁਲਜ਼ਮਾਂ ਵਿੱਚੋਂ 25 ਮੁਲਜ਼ਮਾਂ ਨੂੰ ਗ੍ਰਿਫ਼ਤਾਰ ਕੀਤਾ ਗਿਆ ਹੈ। ਉਨ੍ਹਾਂ ਕਿਹਾ ਕਿ ਅਗਲੇਰੀ ਜਾਂਚ ਜਾਰੀ ਹੈ ਅਤੇ ਬਾਕੀ ਮੁਲਜ਼ਮ ਟਰੈਵਲ ਏਜੰਟਾਂ ਨੂੰ ਨੋਟਿਸ ਭੇਜੇ ਜਾ ਰਹੇ ਹਨ। ਏਡੀਜੀਪੀ ਪ੍ਰਵੀਨ ਸਿਨਹਾ ਨੇ ਨਾਗਰਿਕਾਂ ਨੂੰ ਸਾਵਧਾਨ ਰਹਿਣ ਅਤੇ ਟਰੈਵਲ ਏਜੰਟਾਂ ਨੂੰ ਦਸਤਾਵੇਜ਼ ਅਤੇ ਪੈਸੇ ਸੌਂਪਣ ਤੋਂ ਪਹਿਲਾਂ ਉਨ੍ਹਾਂ ਦੇ ਪ੍ਰਮਾਣ ਪੱਤਰਾਂ ਦੀ ਪੁਸ਼ਟੀ ਕਰਨ ਲਈ ਕਿਹਾ। ਉਹਨਾਂ ਨੇ ਸਲਾਹ ਦਿੱਤੀ ਕਿ ਸਿਰਫ ਉਹਨਾਂ ਏਜੰਸੀਆਂ ਨਾਲ ਸੰਪਰਕ ਕੀਤਾ ਜਾਵੇ ਜਿਹਨਾਂ ਕੋਲ ਇਮੀਗ੍ਰੇਸ਼ਨ ਐਕਟ, 1983 ਤਹਿਤ ਇਮੀਗ੍ਰੈਂਟਸ ਦੇ ਪ੍ਰੋਟੈਕਟਰ ਜਨਰਲ (ਆਰ.ਏ.) ਲਾਇਸੰਸ ਹੋਵੇ ਅਤੇ ਉਕਤ ਐਕਟ ਤਹਿਤ ਜਾਰੀ ਏਜੰਸੀ ਦੇ ਲਾਇਸੰਸ ਨਾਲ ਸੰਪਰਕ ਕੀਤਾ ਜਾਵੇ। ਉਹਨਾਂ ਅੱਗੇ ਕਿਹਾ ਕਿ ਟਰੈਵਲ ਏਜੰਟਾਂ ਨਾਲ ਸੰਪਰਕ ਕਰਦੇ ਸਮੇਂ ਉਹਨਾਂ ਦੀ ਜਾਂਚ ਕਰਨ ਉਪਰੰਤ ਹੀ ਉਹਨਾਂ 'ਤੇ ਭਰੋਸਾ ਕੀਤਾ ਜਾਵੇ।
